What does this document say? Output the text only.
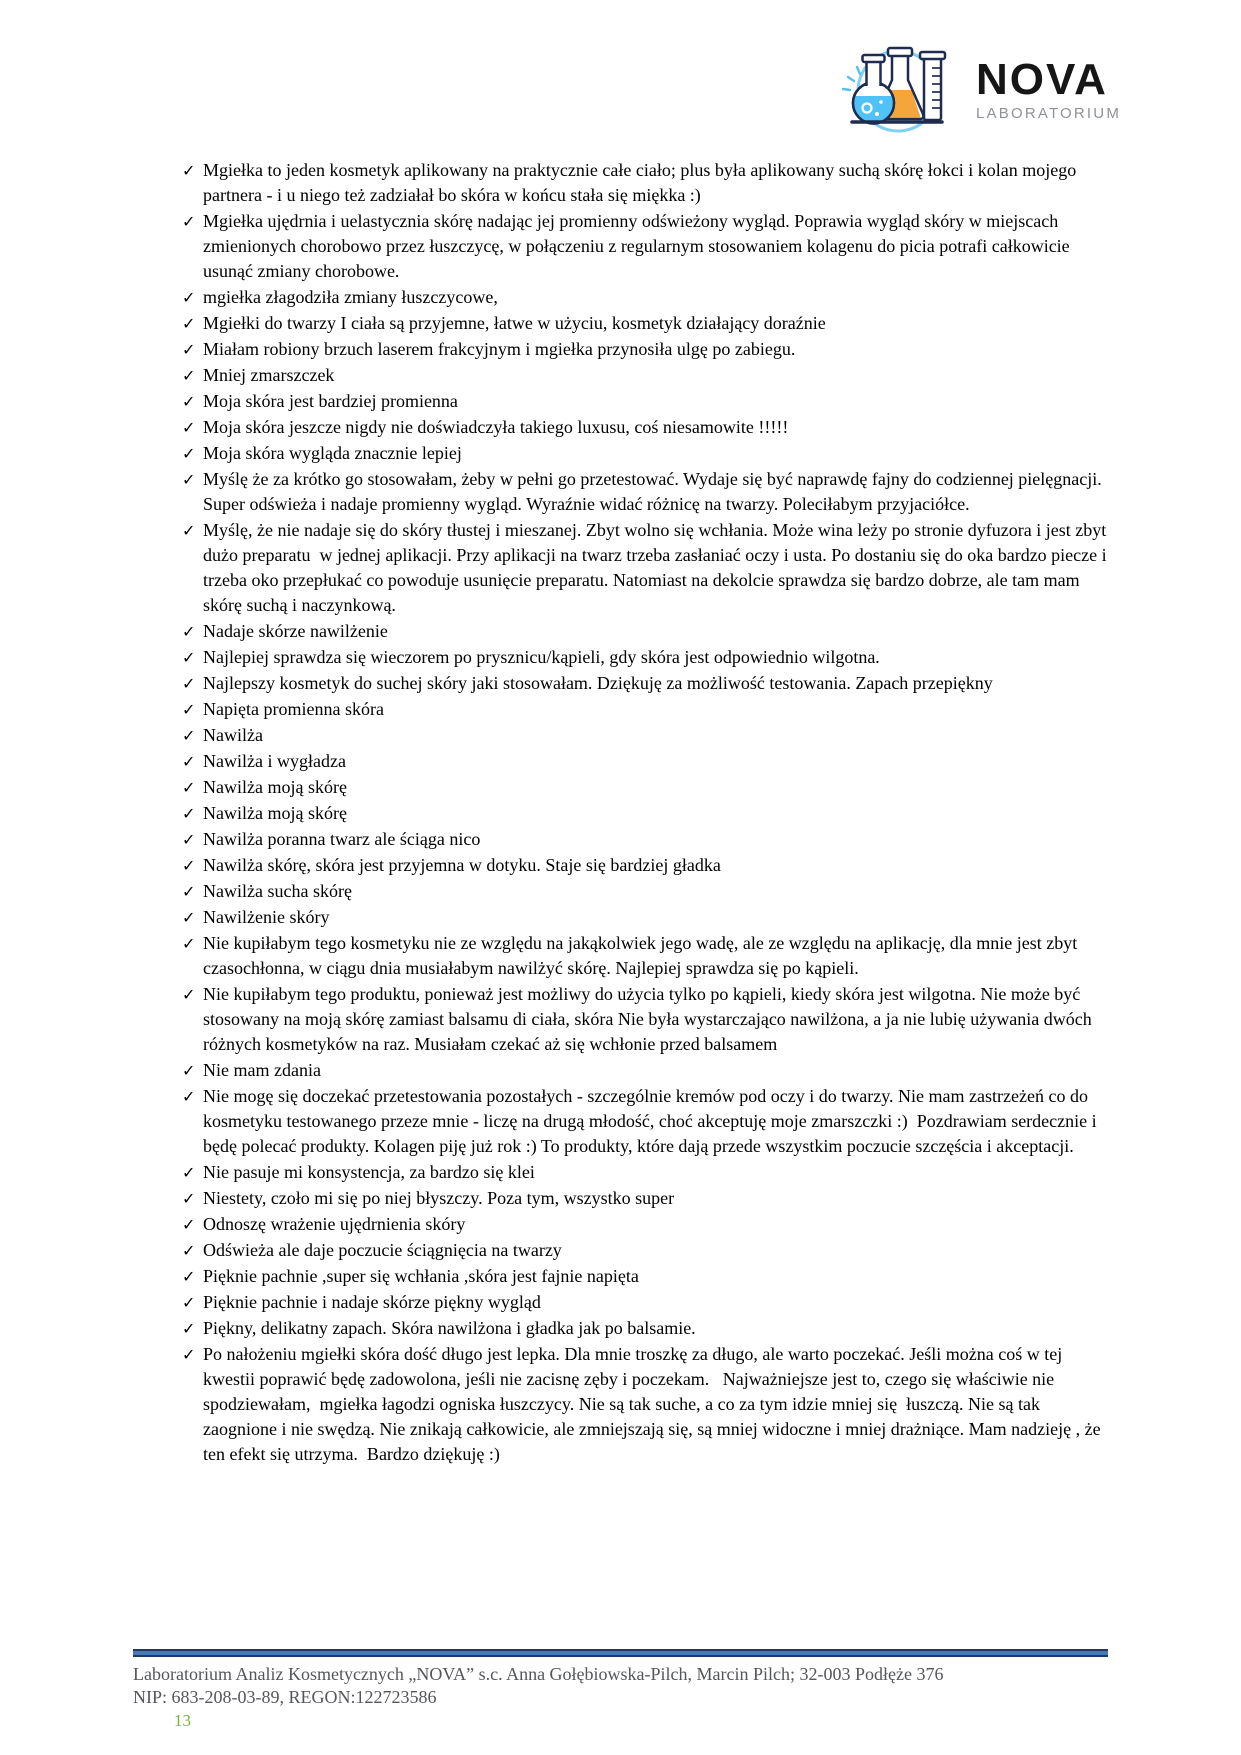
NOVA
LABORATORIUM
✓ Mgiełka to jeden kosmetyk aplikowany na praktycznie całe ciało; plus była aplikowany suchą skórę łokci i kolan mojego partnera - i u niego też zadziałał bo skóra w końcu stała się miękka :)
✓ Mgiełka ujędrnia i uelastycznia skórę nadając jej promienny odświeżony wygląd. Poprawia wygląd skóry w miejscach zmienionych chorobowo przez łuszczycę, w połączeniu z regularnym stosowaniem kolagenu do picia potrafi całkowicie usunąć zmiany chorobowe.
✓ mgiełka złagodziła zmiany łuszczycowe,
✓ Mgiełki do twarzy I ciała są przyjemne, łatwe w użyciu, kosmetyk działający doraźnie
✓ Miałam robiony brzuch laserem frakcyjnym i mgiełka przynosiła ulgę po zabiegu.
✓ Mniej zmarszczek
✓ Moja skóra jest bardziej promienna
✓ Moja skóra jeszcze nigdy nie doświadczyła takiego luxusu, coś niesamowite !!!!!
✓ Moja skóra wygląda znacznie lepiej
✓ Myślę że za krótko go stosowałam, żeby w pełni go przetestować. Wydaje się być naprawdę fajny do codziennej pielęgnacji. Super odświeża i nadaje promienny wygląd. Wyraźnie widać różnicę na twarzy. Poleciłabym przyjaciółce.
✓ Myślę, że nie nadaje się do skóry tłustej i mieszanej. Zbyt wolno się wchłania. Może wina leży po stronie dyfuzora i jest zbyt dużo preparatu  w jednej aplikacji. Przy aplikacji na twarz trzeba zasłaniać oczy i usta. Po dostaniu się do oka bardzo piecze i trzeba oko przepłukać co powoduje usunięcie preparatu. Natomiast na dekolcie sprawdza się bardzo dobrze, ale tam mam skórę suchą i naczynkową.
✓ Nadaje skórze nawilżenie
✓ Najlepiej sprawdza się wieczorem po prysznicu/kąpieli, gdy skóra jest odpowiednio wilgotna.
✓ Najlepszy kosmetyk do suchej skóry jaki stosowałam. Dziękuję za możliwość testowania. Zapach przepiękny
✓ Napięta promienna skóra
✓ Nawilża
✓ Nawilża i wygładza
✓ Nawilża moją skórę
✓ Nawilża moją skórę
✓ Nawilża poranna twarz ale ściąga nico
✓ Nawilża skórę, skóra jest przyjemna w dotyku. Staje się bardziej gładka
✓ Nawilża sucha skórę
✓ Nawilżenie skóry
✓ Nie kupiłabym tego kosmetyku nie ze względu na jakąkolwiek jego wadę, ale ze względu na aplikację, dla mnie jest zbyt czasochłonna, w ciągu dnia musiałabym nawilżyć skórę. Najlepiej sprawdza się po kąpieli.
✓ Nie kupiłabym tego produktu, ponieważ jest możliwy do użycia tylko po kąpieli, kiedy skóra jest wilgotna. Nie może być stosowany na moją skórę zamiast balsamu di ciała, skóra Nie była wystarczająco nawilżona, a ja nie lubię używania dwóch różnych kosmetyków na raz. Musiałam czekać aż się wchłonie przed balsamem
✓ Nie mam zdania
✓ Nie mogę się doczekać przetestowania pozostałych - szczególnie kremów pod oczy i do twarzy. Nie mam zastrzeżeń co do kosmetyku testowanego przeze mnie - liczę na drugą młodość, choć akceptuję moje zmarszczki :)  Pozdrawiam serdecznie i będę polecać produkty. Kolagen piję już rok :) To produkty, które dają przede wszystkim poczucie szczęścia i akceptacji.
✓ Nie pasuje mi konsystencja, za bardzo się klei
✓ Niestety, czoło mi się po niej błyszczy. Poza tym, wszystko super
✓ Odnoszę wrażenie ujędrnienia skóry
✓ Odświeża ale daje poczucie ściągnięcia na twarzy
✓ Pięknie pachnie ,super się wchłania ,skóra jest fajnie napięta
✓ Pięknie pachnie i nadaje skórze piękny wygląd
✓ Piękny, delikatny zapach. Skóra nawilżona i gładka jak po balsamie.
✓ Po nałożeniu mgiełki skóra dość długo jest lepka. Dla mnie troszkę za długo, ale warto poczekać. Jeśli można coś w tej kwestii poprawić będę zadowolona, jeśli nie zacisnę zęby i poczekam.   Najważniejsze jest to, czego się właściwie nie spodziewałam,  mgiełka łagodzi ogniska łuszczycy. Nie są tak suche, a co za tym idzie mniej się  łuszczą. Nie są tak zaognione i nie swędzą. Nie znikają całkowicie, ale zmniejszają się, są mniej widoczne i mniej drażniące. Mam nadzieję , że ten efekt się utrzyma.  Bardzo dziękuję :)
Laboratorium Analiz Kosmetycznych „NOVA” s.c. Anna Gołębiowska-Pilch, Marcin Pilch; 32-003 Podłęże 376
NIP: 683-208-03-89, REGON:122723586
13
